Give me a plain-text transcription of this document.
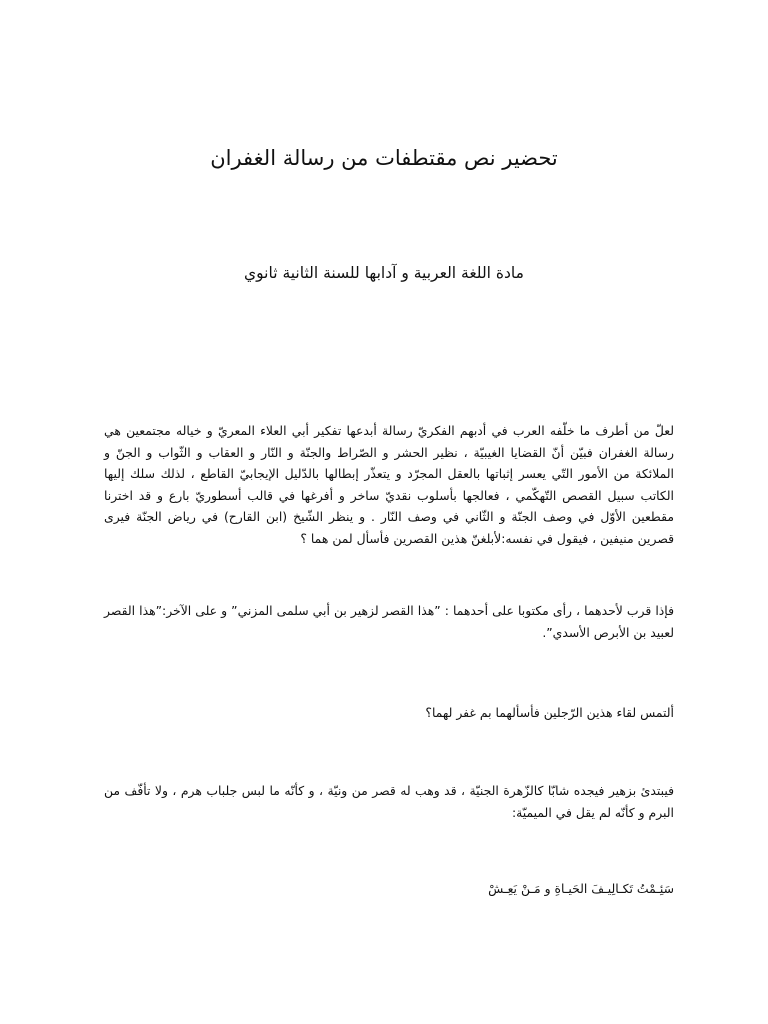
تحضير نص مقتطفات من رسالة الغفران
مادة اللغة العربية و آدابها للسنة الثانية ثانوي

لعلّ من أطرف ما خلّفه العرب في أدبهم الفكريّ رسالة أبدعها تفكير أبي العلاء المعريّ و خياله مجتمعين هي رسالة الغفران فبيّن أنّ القضايا الغيبيّة ، نظير الحشر و الصّراط والجنّة و النّار و العقاب و الثّواب و الجنّ و الملائكة من الأمور التّي يعسر إثباتها بالعقل المجرّد و يتعذّر إبطالها بالدّليل الإيجابيّ القاطع ، لذلك سلك إليها الكاتب سبيل القصص التّهكّمي ، فعالجها بأسلوب نقديّ ساخر و أفرغها في قالب أسطوريّ بارع و قد اخترنا مقطعين الأوّل في وصف الجنّة و الثّاني في وصف النّار . و ينظر الشّيخ (ابن القارح) في رياض الجنّة فيرى قصرين منيفين ، فيقول في نفسه:لأبلغنّ هذين القصرين فأسأل لمن هما ؟

فإذا قرب لأحدهما ، رأى مكتوبا على أحدهما : ”هذا القصر لزهير بن أبي سلمى المزني” و على الآخر:”هذا القصر لعبيد بن الأبرص الأسدي”.

ألتمس لقاء هذين الرّجلين فأسألهما بم غفر لهما؟

فيبتدئ بزهير فيجده شابّا كالزّهرة الجنيّة ، قد وهب له قصر من ونيّة ، و كأنّه ما لبس جلباب هرم ، ولا تأفّف من البرم و كأنّه لم يقل في الميميّة:

سَئِـمْتُ تَكـالِيـفَ الحَيـاةِ و مَـنْ يَعِـشْ
